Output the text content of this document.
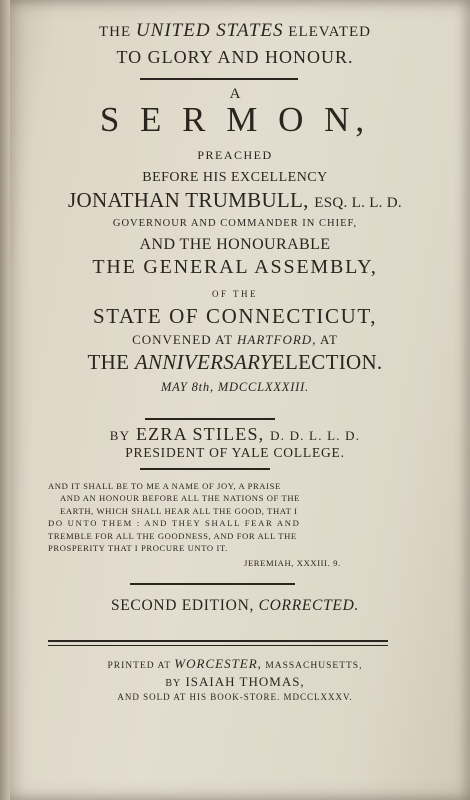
THE UNITED STATES ELEVATED
TO GLORY AND HONOUR.
A
S E R M O N,
PREACHED
BEFORE HIS EXCELLENCY
JONATHAN TRUMBULL, ESQ. L. L. D.
GOVERNOUR AND COMMANDER IN CHIEF,
AND THE HONOURABLE
THE GENERAL ASSEMBLY,
OF THE
STATE OF CONNECTICUT,
CONVENED AT HARTFORD, AT
THE ANNIVERSARYELECTION.
MAY 8th, MDCCLXXXIII.
BY EZRA STILES, D. D. L. L. D.
PRESIDENT OF YALE COLLEGE.
AND IT SHALL BE TO ME A NAME OF JOY, A PRAISE
AND AN HONOUR BEFORE ALL THE NATIONS OF THE
EARTH, WHICH SHALL HEAR ALL THE GOOD, THAT I
DO UNTO THEM : AND THEY SHALL FEAR AND
TREMBLE FOR ALL THE GOODNESS, AND FOR ALL THE
PROSPERITY THAT I PROCURE UNTO IT.
JEREMIAH, XXXIII. 9.
SECOND EDITION, CORRECTED.
PRINTED AT WORCESTER, MASSACHUSETTS,
BY ISAIAH THOMAS,
AND SOLD AT HIS BOOK-STORE. MDCCLXXXV.
